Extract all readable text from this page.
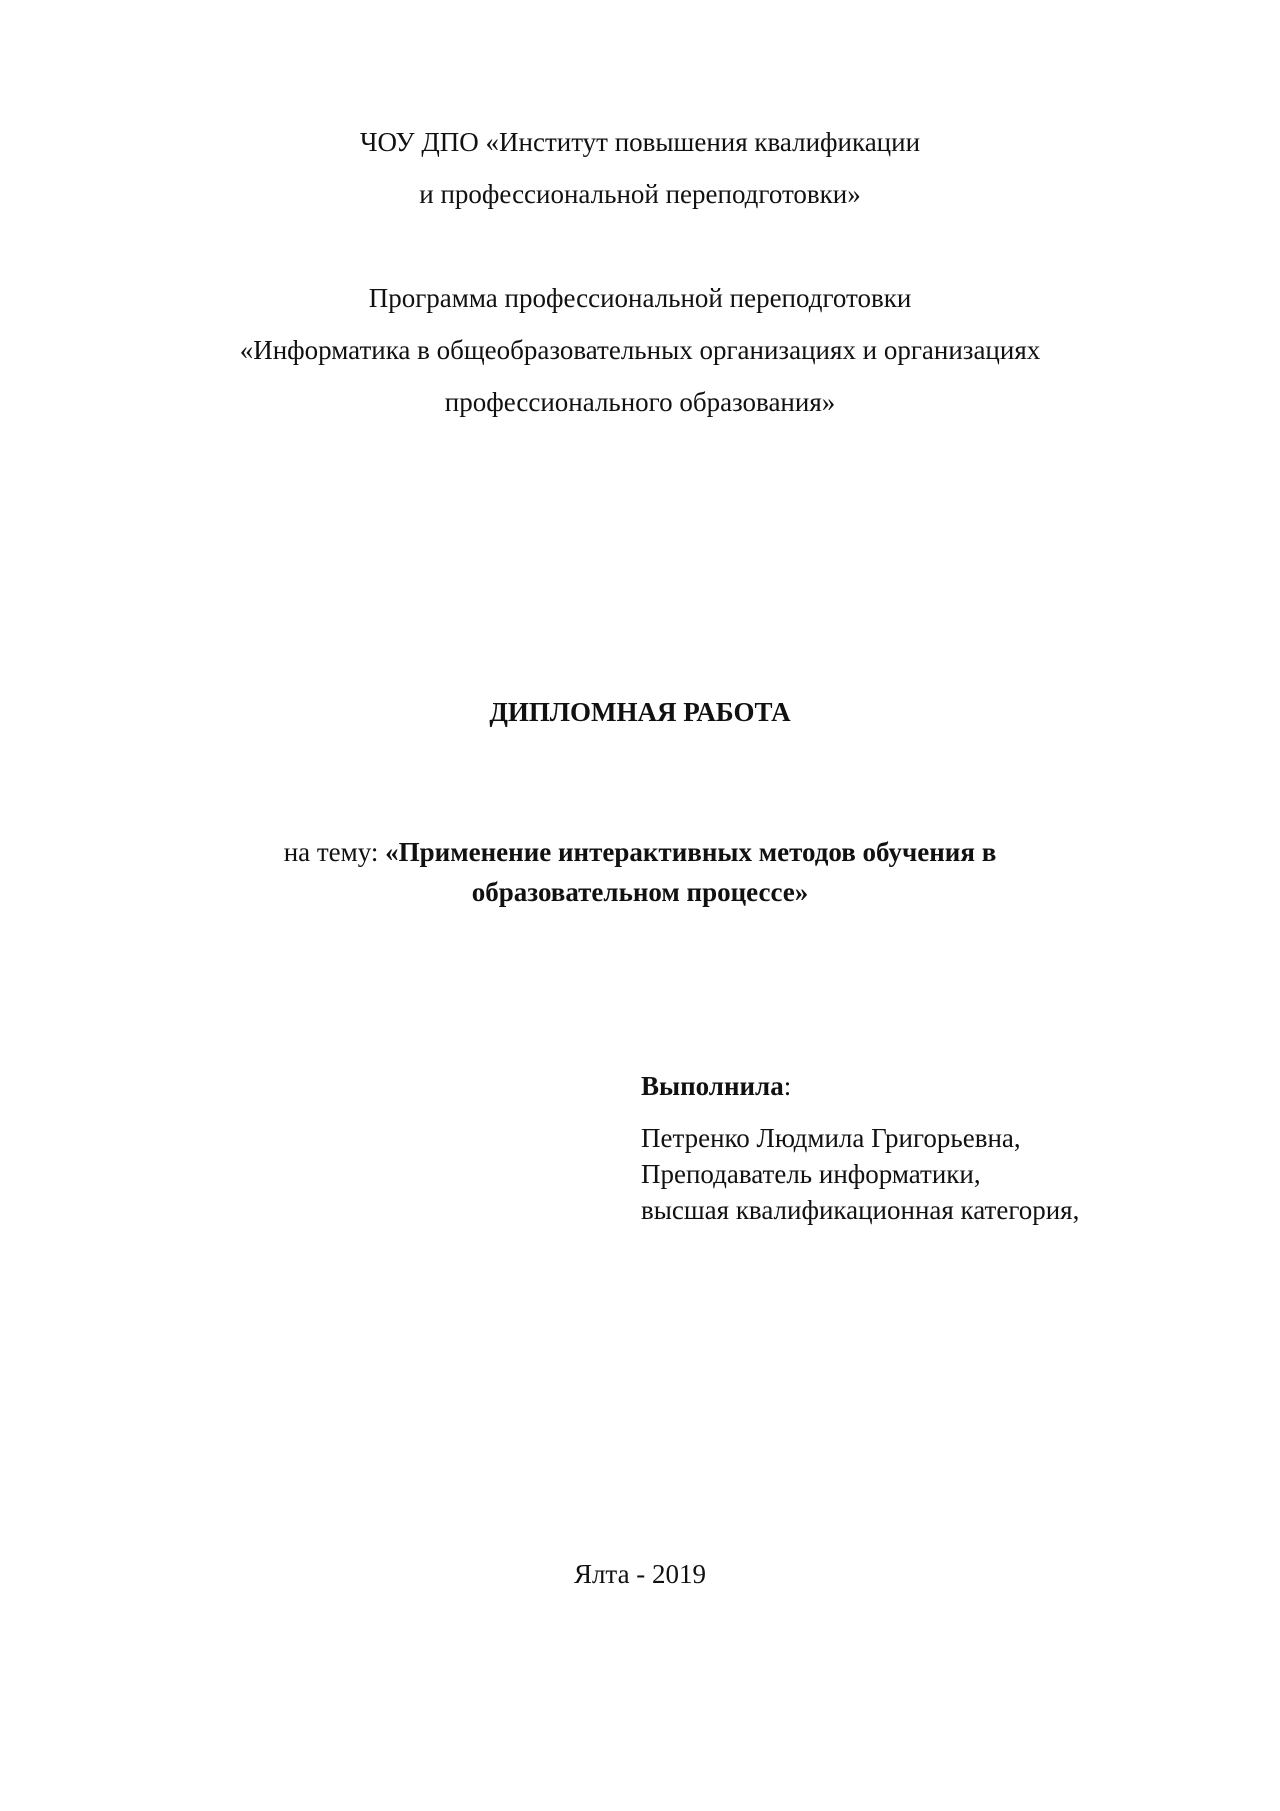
ЧОУ ДПО «Институт повышения квалификации
и профессиональной переподготовки»
Программа профессиональной переподготовки
«Информатика в общеобразовательных организациях и организациях
профессионального образования»
ДИПЛОМНАЯ РАБОТА
на тему: «Применение интерактивных методов обучения в
образовательном процессе»
Выполнила:
Петренко Людмила Григорьевна,
Преподаватель информатики,
высшая квалификационная категория,
Ялта - 2019
